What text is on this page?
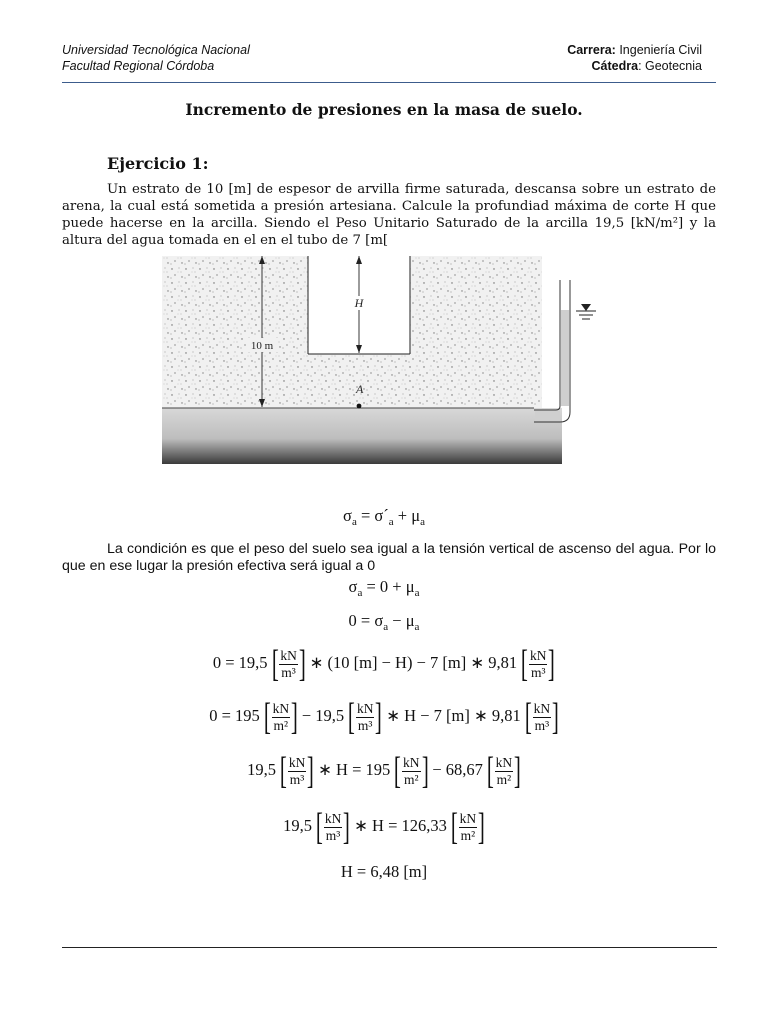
Universidad Tecnológica Nacional
Facultad Regional Córdoba
Carrera: Ingeniería Civil
Cátedra: Geotecnia
Incremento de presiones en la masa de suelo.
Ejercicio 1:
Un estrato de 10 [m] de espesor de arvilla firme saturada, descansa sobre un estrato de arena, la cual está sometida a presión artesiana. Calcule la profundiad máxima de corte H que puede hacerse en la arcilla. Siendo el Peso Unitario Saturado de la arcilla 19,5 [kN/m²] y la altura del agua tomada en el en el tubo de 7 [m[
10 m
H
A
$\sigma_a$ = $\sigma´_a + \mu_a$
La condición es que el peso del suelo sea igual a la tensión vertical de ascenso del agua. Por lo que en ese lugar la presión efectiva será igual a 0
$\sigma_a = 0 + \mu_a$
$0 = \sigma_a - \mu_a$
0 = 19,5 [ $\frac{kN}{\text{m³}}$ ] ∗ (10 [m] − H) − 7 [m] ∗ 9,81 [ $\frac{kN}{\text{m³}}$ ]
0 = 195 [ $\frac{kN}{\text{m²}}$ ] − 19,5 [ $\frac{kN}{\text{m³}}$ ] ∗ H − 7 [m] ∗ 9,81 [ $\frac{kN}{\text{m³}}$ ]
19,5 [ $\frac{kN}{\text{m³}}$ ] ∗ H = 195 [ $\frac{kN}{\text{m²}}$ ] − 68,67 [ $\frac{kN}{\text{m²}}$ ]
19,5 [ $\frac{kN}{\text{m³}}$ ] ∗ H = 126,33 [ $\frac{kN}{\text{m²}}$ ]
H = 6,48 [m]
